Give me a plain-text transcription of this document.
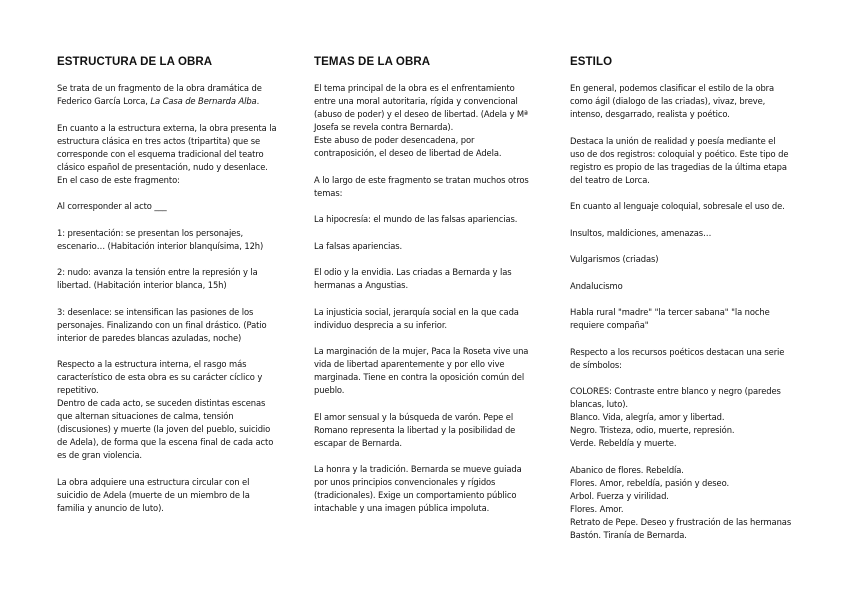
ESTRUCTURA DE LA OBRA

Se trata de un fragmento de la obra dramática de Federico García Lorca, La Casa de Bernarda Alba.

En cuanto a la estructura externa, la obra presenta la estructura clásica en tres actos (tripartita) que se corresponde con el esquema tradicional del teatro clásico español de presentación, nudo y desenlace.
En el caso de este fragmento:

Al corresponder al acto ___

1: presentación: se presentan los personajes, escenario… (Habitación interior blanquísima, 12h)

2: nudo: avanza la tensión entre la represión y la libertad. (Habitación interior blanca, 15h)

3: desenlace: se intensifican las pasiones de los personajes. Finalizando con un final drástico. (Patio interior de paredes blancas azuladas, noche)

Respecto a la estructura interna, el rasgo más característico de esta obra es su carácter cíclico y repetitivo.
Dentro de cada acto, se suceden distintas escenas que alternan situaciones de calma, tensión (discusiones) y muerte (la joven del pueblo, suicidio de Adela), de forma que la escena final de cada acto es de gran violencia.

La obra adquiere una estructura circular con el suicidio de Adela (muerte de un miembro de la familia y anuncio de luto).

TEMAS DE LA OBRA

El tema principal de la obra es el enfrentamiento entre una moral autoritaria, rígida y convencional (abuso de poder) y el deseo de libertad. (Adela y Mª Josefa se revela contra Bernarda).
Este abuso de poder desencadena, por contraposición, el deseo de libertad de Adela.

A lo largo de este fragmento se tratan muchos otros temas:

La hipocresía: el mundo de las falsas apariencias.

La falsas apariencias.

El odio y la envidia. Las criadas a Bernarda y las hermanas a Angustias.

La injusticia social, jerarquía social en la que cada individuo desprecia a su inferior.

La marginación de la mujer, Paca la Roseta vive una vida de libertad aparentemente y por ello vive marginada. Tiene en contra la oposición común del pueblo.

El amor sensual y la búsqueda de varón. Pepe el Romano representa la libertad y la posibilidad de escapar de Bernarda.

La honra y la tradición. Bernarda se mueve guiada por unos principios convencionales y rígidos (tradicionales). Exige un comportamiento público intachable y una imagen pública impoluta.

ESTILO

En general, podemos clasificar el estilo de la obra como ágil (dialogo de las criadas), vivaz, breve, intenso, desgarrado, realista y poético.

Destaca la unión de realidad y poesía mediante el uso de dos registros: coloquial y poético. Este tipo de registro es propio de las tragedias de la última etapa del teatro de Lorca.

En cuanto al lenguaje coloquial, sobresale el uso de.

Insultos, maldiciones, amenazas…

Vulgarismos (criadas)

Andalucismo

Habla rural "madre" "la tercer sabana" "la noche requiere compaña"

Respecto a los recursos poéticos destacan una serie de símbolos:

COLORES: Contraste entre blanco y negro (paredes blancas, luto).
Blanco. Vida, alegría, amor y libertad.
Negro. Tristeza, odio, muerte, represión.
Verde. Rebeldía y muerte.

Abanico de flores. Rebeldía.
Flores. Amor, rebeldía, pasión y deseo.
Arbol. Fuerza y virilidad.
Flores. Amor.
Retrato de Pepe. Deseo y frustración de las hermanas
Bastón. Tiranía de Bernarda.
